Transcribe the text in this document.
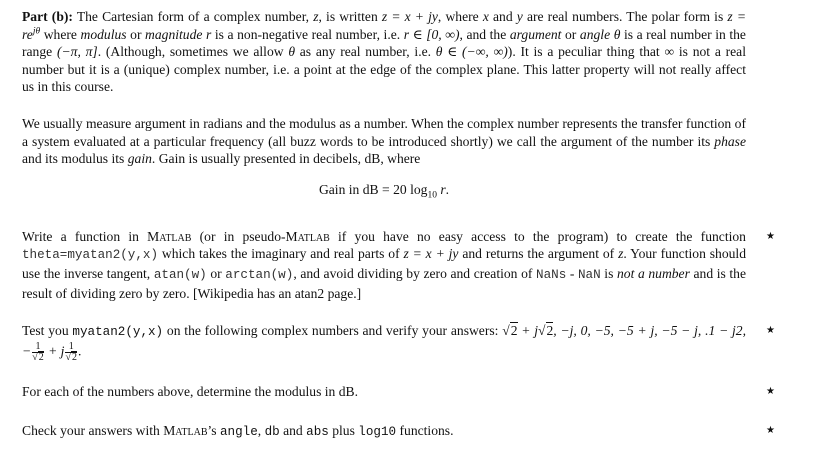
Part (b): The Cartesian form of a complex number, z, is written z = x + jy, where x and y are real numbers. The polar form is $z = re^{j\theta}$ where modulus or magnitude r is a non-negative real number, i.e. r ∈ [0, ∞), and the argument or angle θ is a real number in the range (−π, π]. (Although, sometimes we allow θ as any real number, i.e. θ ∈ (−∞, ∞)). It is a peculiar thing that ∞ is not a real number but it is a (unique) complex number, i.e. a point at the edge of the complex plane. This latter property will not really affect us in this course.

We usually measure argument in radians and the modulus as a number. When the complex number represents the transfer function of a system evaluated at a particular frequency (all buzz words to be introduced shortly) we call the argument of the number its phase and its modulus its gain. Gain is usually presented in decibels, dB, where

Gain in dB = 20 $\log_{10} r$.

Write a function in Matlab (or in pseudo-Matlab if you have no easy access to the program) to create the function theta=myatan2(y,x) which takes the imaginary and real parts of z = x + jy and returns the argument of z. Your function should use the inverse tangent, atan(w) or arctan(w), and avoid dividing by zero and creation of NaNs - NaN is not a number and is the result of dividing zero by zero. [Wikipedia has an atan2 page.]
★

Test you myatan2(y,x) on the following complex numbers and verify your answers: √2 + j√2, −j, 0, −5, −5 + j, −5 − j, .1 − j2, − $\frac{1}{√2} + j \frac{1}{√2}$ .
★

For each of the numbers above, determine the modulus in dB.	★

Check your answers with Matlab’s angle, db and abs plus log10 functions.	★
